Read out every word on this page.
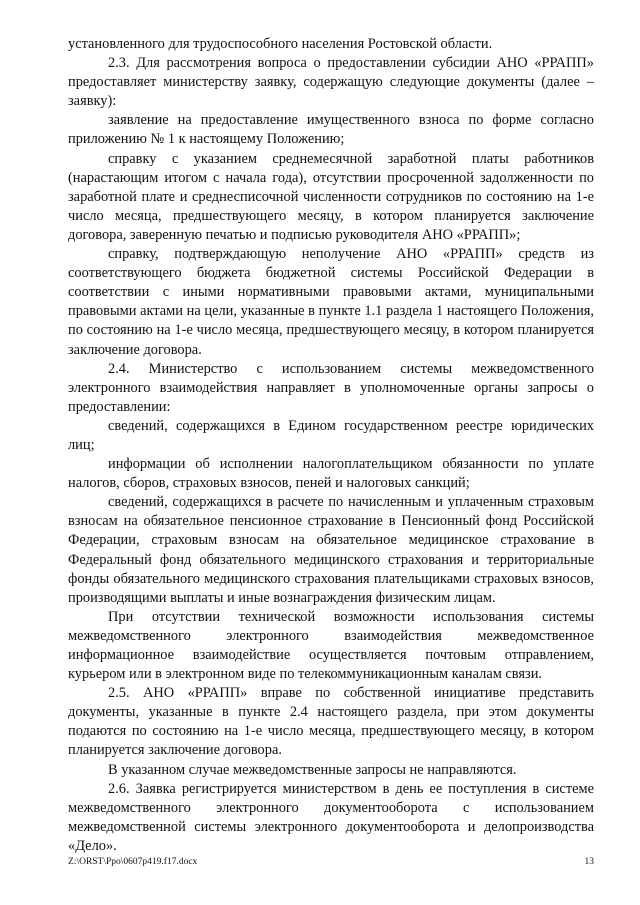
установленного для трудоспособного населения Ростовской области.

2.3. Для рассмотрения вопроса о предоставлении субсидии АНО «РРАПП» предоставляет министерству заявку, содержащую следующие документы (далее – заявку):

заявление на предоставление имущественного взноса по форме согласно приложению № 1 к настоящему Положению;

справку с указанием среднемесячной заработной платы работников (нарастающим итогом с начала года), отсутствии просроченной задолженности по заработной плате и среднесписочной численности сотрудников по состоянию на 1-е число месяца, предшествующего месяцу, в котором планируется заключение договора, заверенную печатью и подписью руководителя АНО «РРАПП»;

справку, подтверждающую неполучение АНО «РРАПП» средств из соответствующего бюджета бюджетной системы Российской Федерации в соответствии с иными нормативными правовыми актами, муниципальными правовыми актами на цели, указанные в пункте 1.1 раздела 1 настоящего Положения, по состоянию на 1-е число месяца, предшествующего месяцу, в котором планируется заключение договора.

2.4. Министерство с использованием системы межведомственного электронного взаимодействия направляет в уполномоченные органы запросы о предоставлении:

сведений, содержащихся в Едином государственном реестре юридических лиц;

информации об исполнении налогоплательщиком обязанности по уплате налогов, сборов, страховых взносов, пеней и налоговых санкций;

сведений, содержащихся в расчете по начисленным и уплаченным страховым взносам на обязательное пенсионное страхование в Пенсионный фонд Российской Федерации, страховым взносам на обязательное медицинское страхование в Федеральный фонд обязательного медицинского страхования и территориальные фонды обязательного медицинского страхования плательщиками страховых взносов, производящими выплаты и иные вознаграждения физическим лицам.

При отсутствии технической возможности использования системы межведомственного электронного взаимодействия межведомственное информационное взаимодействие осуществляется почтовым отправлением, курьером или в электронном виде по телекоммуникационным каналам связи.

2.5. АНО «РРАПП» вправе по собственной инициативе представить документы, указанные в пункте 2.4 настоящего раздела, при этом документы подаются по состоянию на 1-е число месяца, предшествующего месяцу, в котором планируется заключение договора.

В указанном случае межведомственные запросы не направляются.

2.6. Заявка регистрируется министерством в день ее поступления в системе межведомственного электронного документооборота с использованием межведомственной системы электронного документооборота и делопроизводства «Дело».

Z:\ORST\Ppo\0607p419.f17.docx	13
